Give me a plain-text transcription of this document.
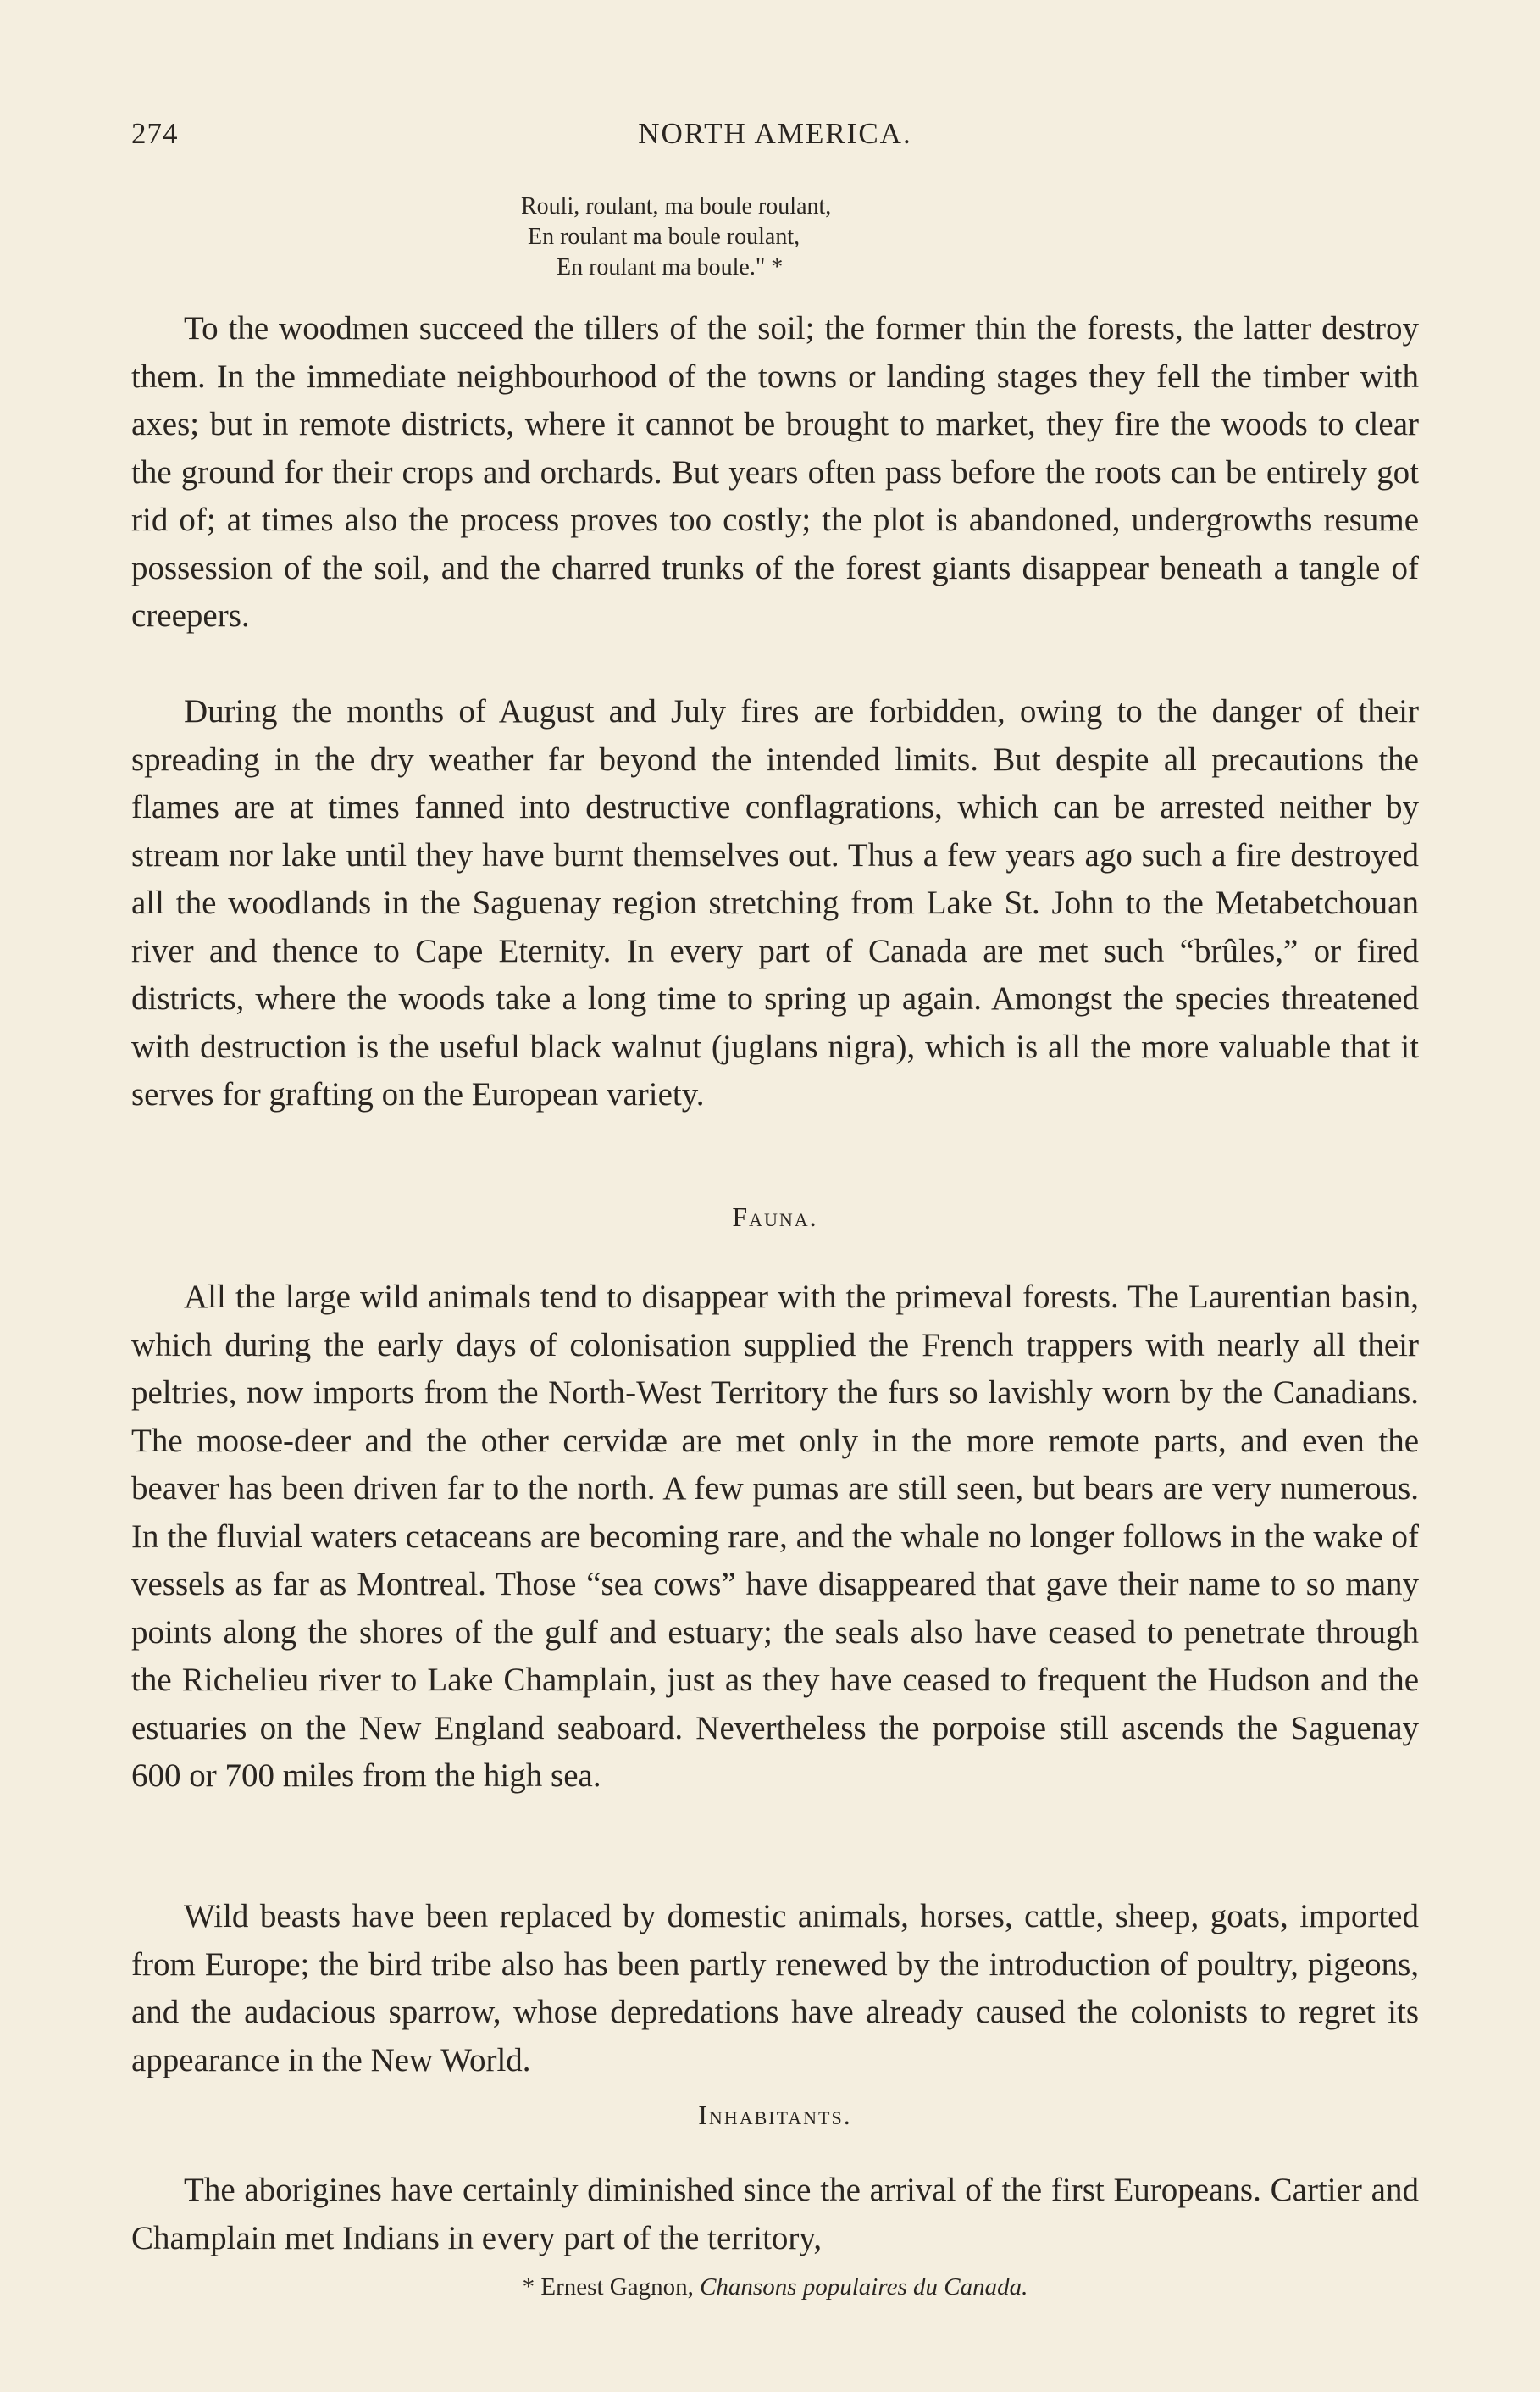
274	NORTH AMERICA.
Rouli, roulant, ma boule roulant,
En roulant ma boule roulant,
En roulant ma boule." *

To the woodmen succeed the tillers of the soil; the former thin the forests, the latter destroy them. In the immediate neighbourhood of the towns or landing stages they fell the timber with axes; but in remote districts, where it cannot be brought to market, they fire the woods to clear the ground for their crops and orchards. But years often pass before the roots can be entirely got rid of; at times also the process proves too costly; the plot is abandoned, undergrowths resume possession of the soil, and the charred trunks of the forest giants disappear beneath a tangle of creepers.

During the months of August and July fires are forbidden, owing to the danger of their spreading in the dry weather far beyond the intended limits. But despite all precautions the flames are at times fanned into destructive conflagrations, which can be arrested neither by stream nor lake until they have burnt themselves out. Thus a few years ago such a fire destroyed all the woodlands in the Saguenay region stretching from Lake St. John to the Metabetchouan river and thence to Cape Eternity. In every part of Canada are met such “brûles,” or fired districts, where the woods take a long time to spring up again. Amongst the species threatened with destruction is the useful black walnut (juglans nigra), which is all the more valuable that it serves for grafting on the European variety.

Fauna.

All the large wild animals tend to disappear with the primeval forests. The Laurentian basin, which during the early days of colonisation supplied the French trappers with nearly all their peltries, now imports from the North-West Territory the furs so lavishly worn by the Canadians. The moose-deer and the other cervidæ are met only in the more remote parts, and even the beaver has been driven far to the north. A few pumas are still seen, but bears are very numerous. In the fluvial waters cetaceans are becoming rare, and the whale no longer follows in the wake of vessels as far as Montreal. Those “sea cows” have disappeared that gave their name to so many points along the shores of the gulf and estuary; the seals also have ceased to penetrate through the Richelieu river to Lake Champlain, just as they have ceased to frequent the Hudson and the estuaries on the New England seaboard. Nevertheless the porpoise still ascends the Saguenay 600 or 700 miles from the high sea.

Wild beasts have been replaced by domestic animals, horses, cattle, sheep, goats, imported from Europe; the bird tribe also has been partly renewed by the introduction of poultry, pigeons, and the audacious sparrow, whose depredations have already caused the colonists to regret its appearance in the New World.

Inhabitants.

The aborigines have certainly diminished since the arrival of the first Europeans. Cartier and Champlain met Indians in every part of the territory,

* Ernest Gagnon, Chansons populaires du Canada.
